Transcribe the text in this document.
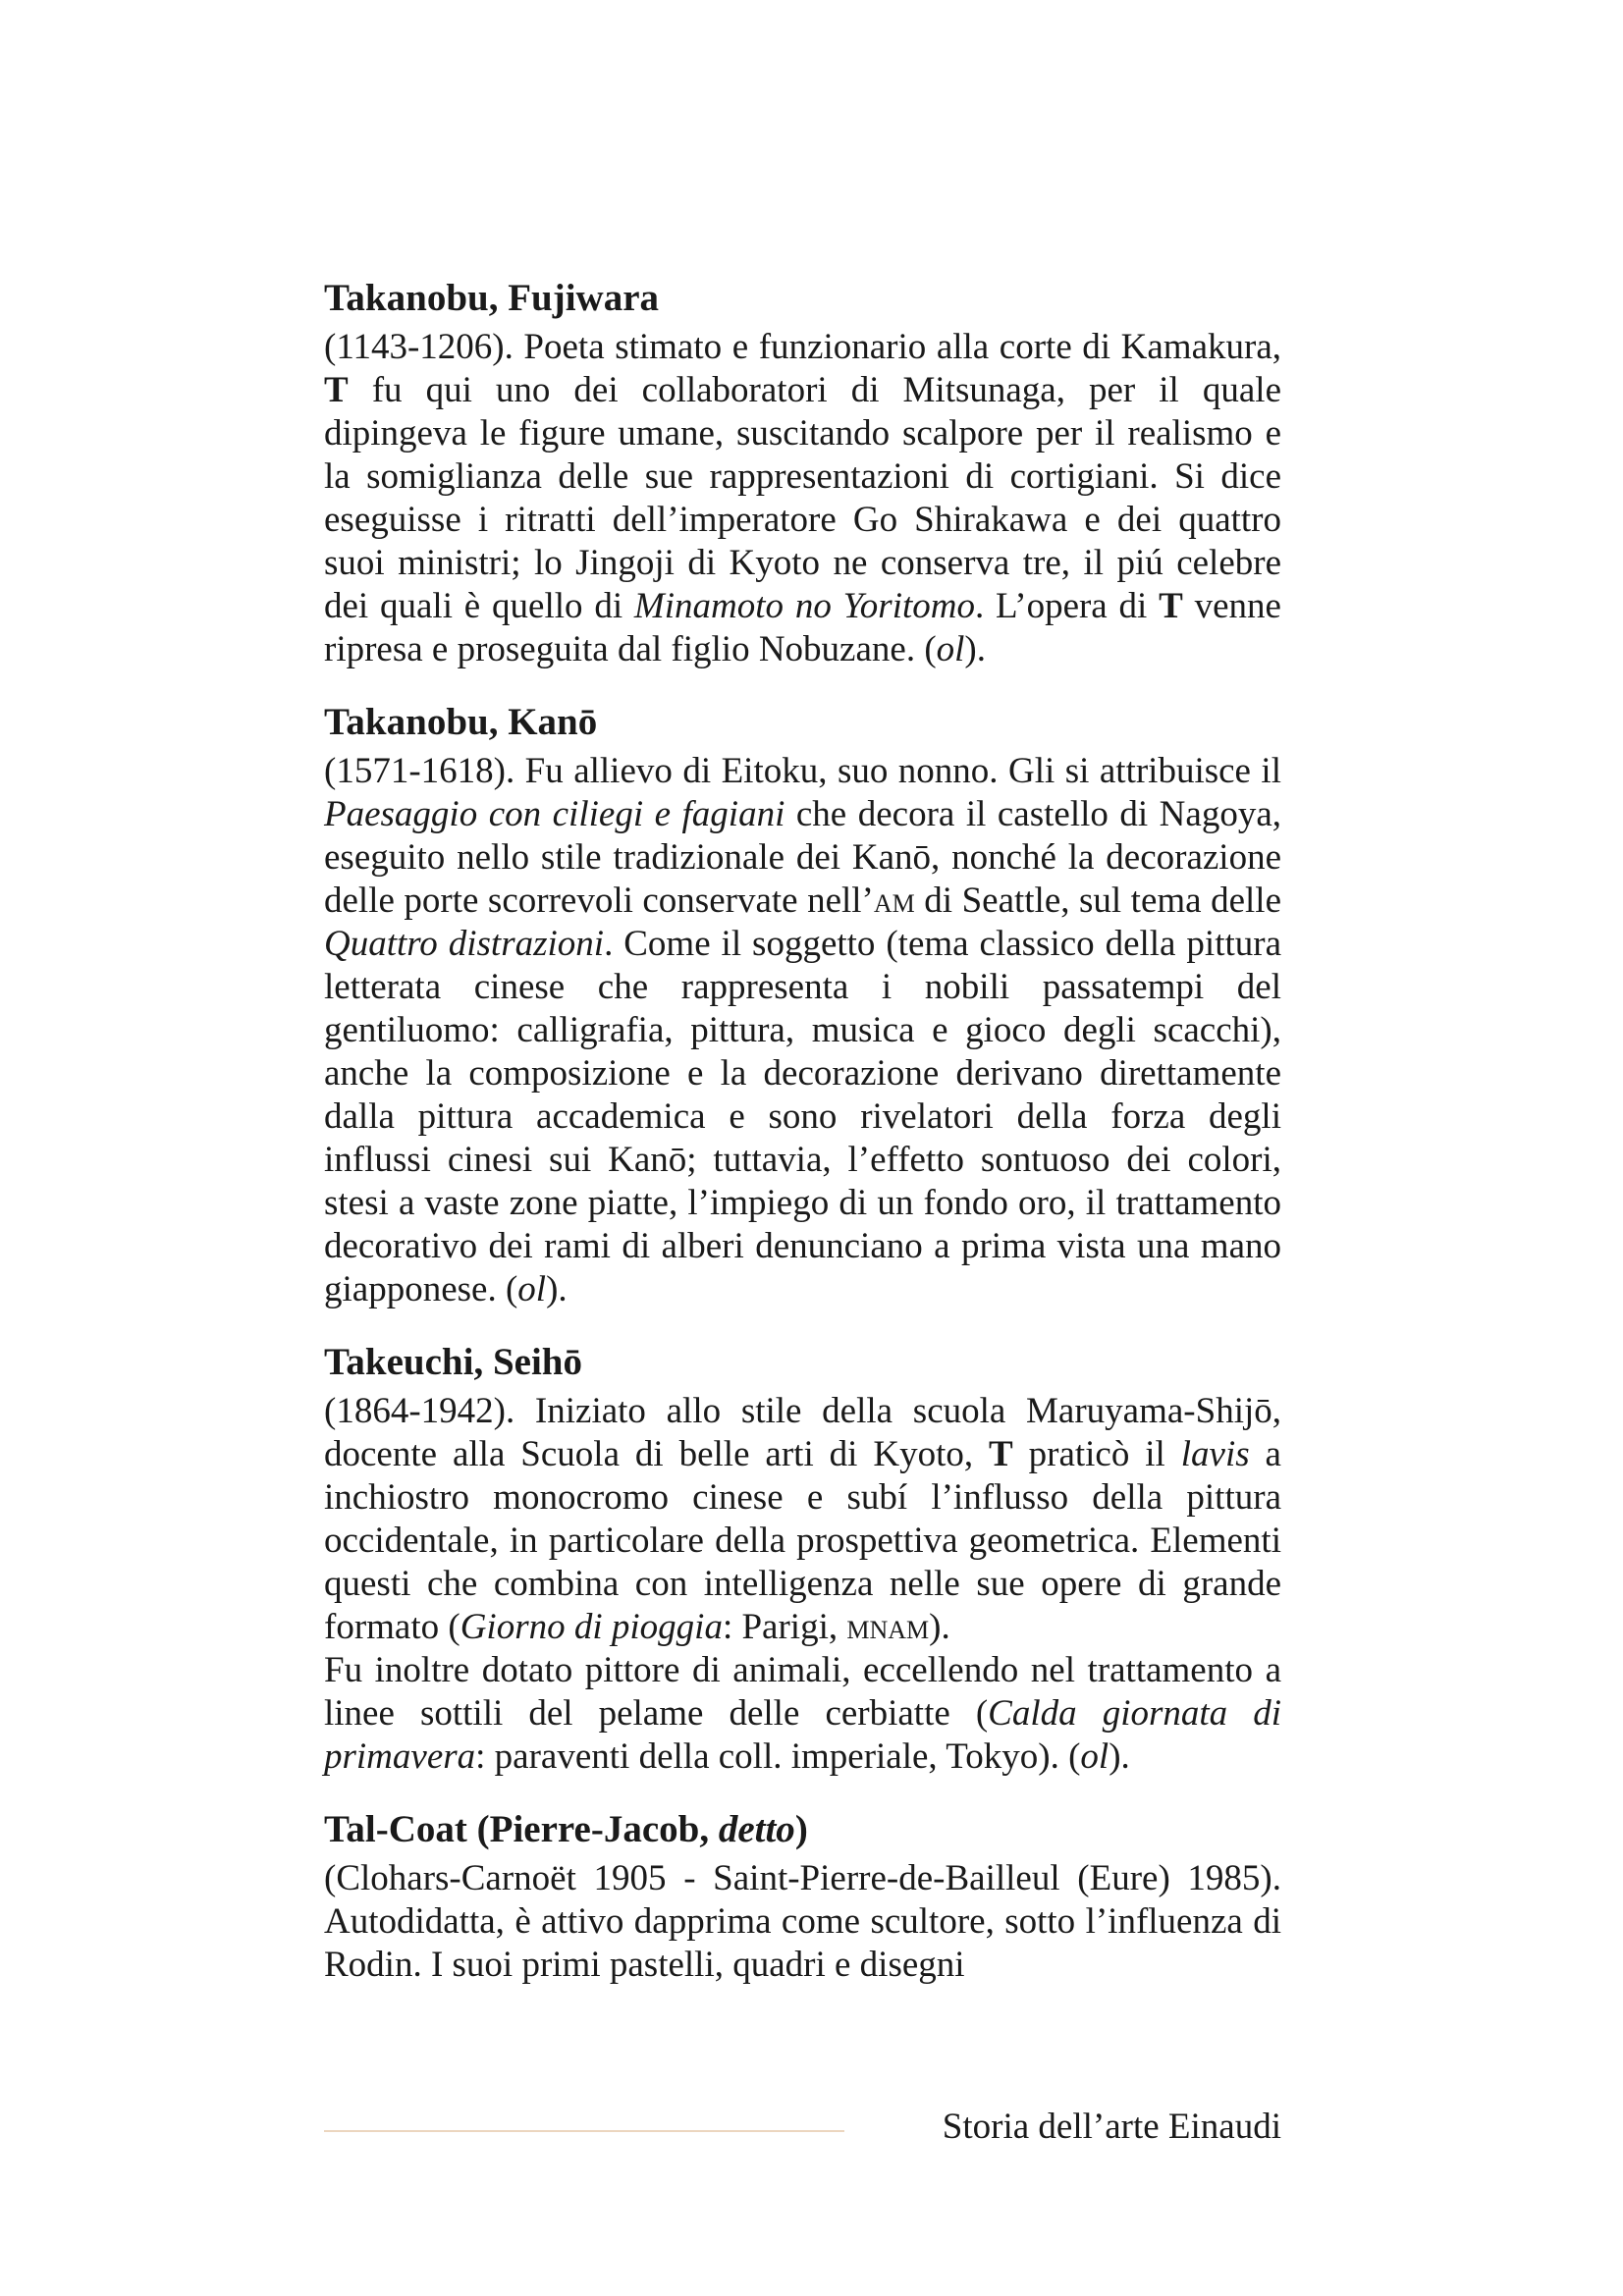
Takanobu, Fujiwara

(1143-1206). Poeta stimato e funzionario alla corte di Kamakura, T fu qui uno dei collaboratori di Mitsunaga, per il quale dipingeva le figure umane, suscitando scalpore per il realismo e la somiglianza delle sue rappresentazioni di cortigiani. Si dice eseguisse i ritratti dell’imperatore Go Shirakawa e dei quattro suoi ministri; lo Jingoji di Kyoto ne conserva tre, il piú celebre dei quali è quello di Minamoto no Yoritomo. L’opera di T venne ripresa e proseguita dal figlio Nobuzane. (ol).

Takanobu, Kanō

(1571-1618). Fu allievo di Eitoku, suo nonno. Gli si attribuisce il Paesaggio con ciliegi e fagiani che decora il castello di Nagoya, eseguito nello stile tradizionale dei Kanō, nonché la decorazione delle porte scorrevoli conservate nell’am di Seattle, sul tema delle Quattro distrazioni. Come il soggetto (tema classico della pittura letterata cinese che rappresenta i nobili passatempi del gentiluomo: calligrafia, pittura, musica e gioco degli scacchi), anche la composizione e la decorazione derivano direttamente dalla pittura accademica e sono rivelatori della forza degli influssi cinesi sui Kanō; tuttavia, l’effetto sontuoso dei colori, stesi a vaste zone piatte, l’impiego di un fondo oro, il trattamento decorativo dei rami di alberi denunciano a prima vista una mano giapponese. (ol).

Takeuchi, Seihō

(1864-1942). Iniziato allo stile della scuola Maruyama-Shijō, docente alla Scuola di belle arti di Kyoto, T praticò il lavis a inchiostro monocromo cinese e subí l’influsso della pittura occidentale, in particolare della prospettiva geometrica. Elementi questi che combina con intelligenza nelle sue opere di grande formato (Giorno di pioggia: Parigi, mnam).

Fu inoltre dotato pittore di animali, eccellendo nel trattamento a linee sottili del pelame delle cerbiatte (Calda giornata di primavera: paraventi della coll. imperiale, Tokyo). (ol).

Tal-Coat (Pierre-Jacob, detto)

(Clohars-Carnoët 1905 - Saint-Pierre-de-Bailleul (Eure) 1985). Autodidatta, è attivo dapprima come scultore, sotto l’influenza di Rodin. I suoi primi pastelli, quadri e disegni

Storia dell’arte Einaudi
